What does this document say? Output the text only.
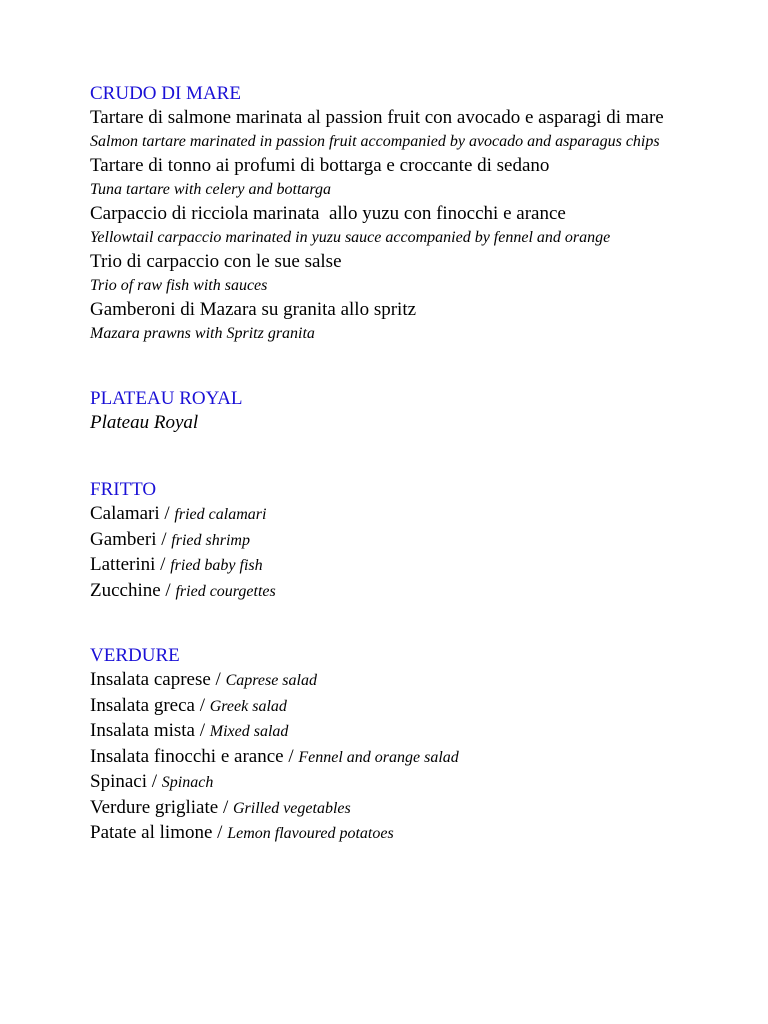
CRUDO DI MARE

Tartare di salmone marinata al passion fruit con avocado e asparagi di mare

Salmon tartare marinated in passion fruit accompanied by avocado and asparagus chips

Tartare di tonno ai profumi di bottarga e croccante di sedano

Tuna tartare with celery and bottarga

Carpaccio di ricciola marinata  allo yuzu con finocchi e arance

Yellowtail carpaccio marinated in yuzu sauce accompanied by fennel and orange

Trio di carpaccio con le sue salse

Trio of raw fish with sauces

Gamberoni di Mazara su granita allo spritz

Mazara prawns with Spritz granita

PLATEAU ROYAL

Plateau Royal

FRITTO

Calamari / fried calamari

Gamberi / fried shrimp

Latterini / fried baby fish

Zucchine / fried courgettes

VERDURE

Insalata caprese / Caprese salad

Insalata greca / Greek salad

Insalata mista / Mixed salad

Insalata finocchi e arance / Fennel and orange salad

Spinaci / Spinach

Verdure grigliate / Grilled vegetables

Patate al limone / Lemon flavoured potatoes
